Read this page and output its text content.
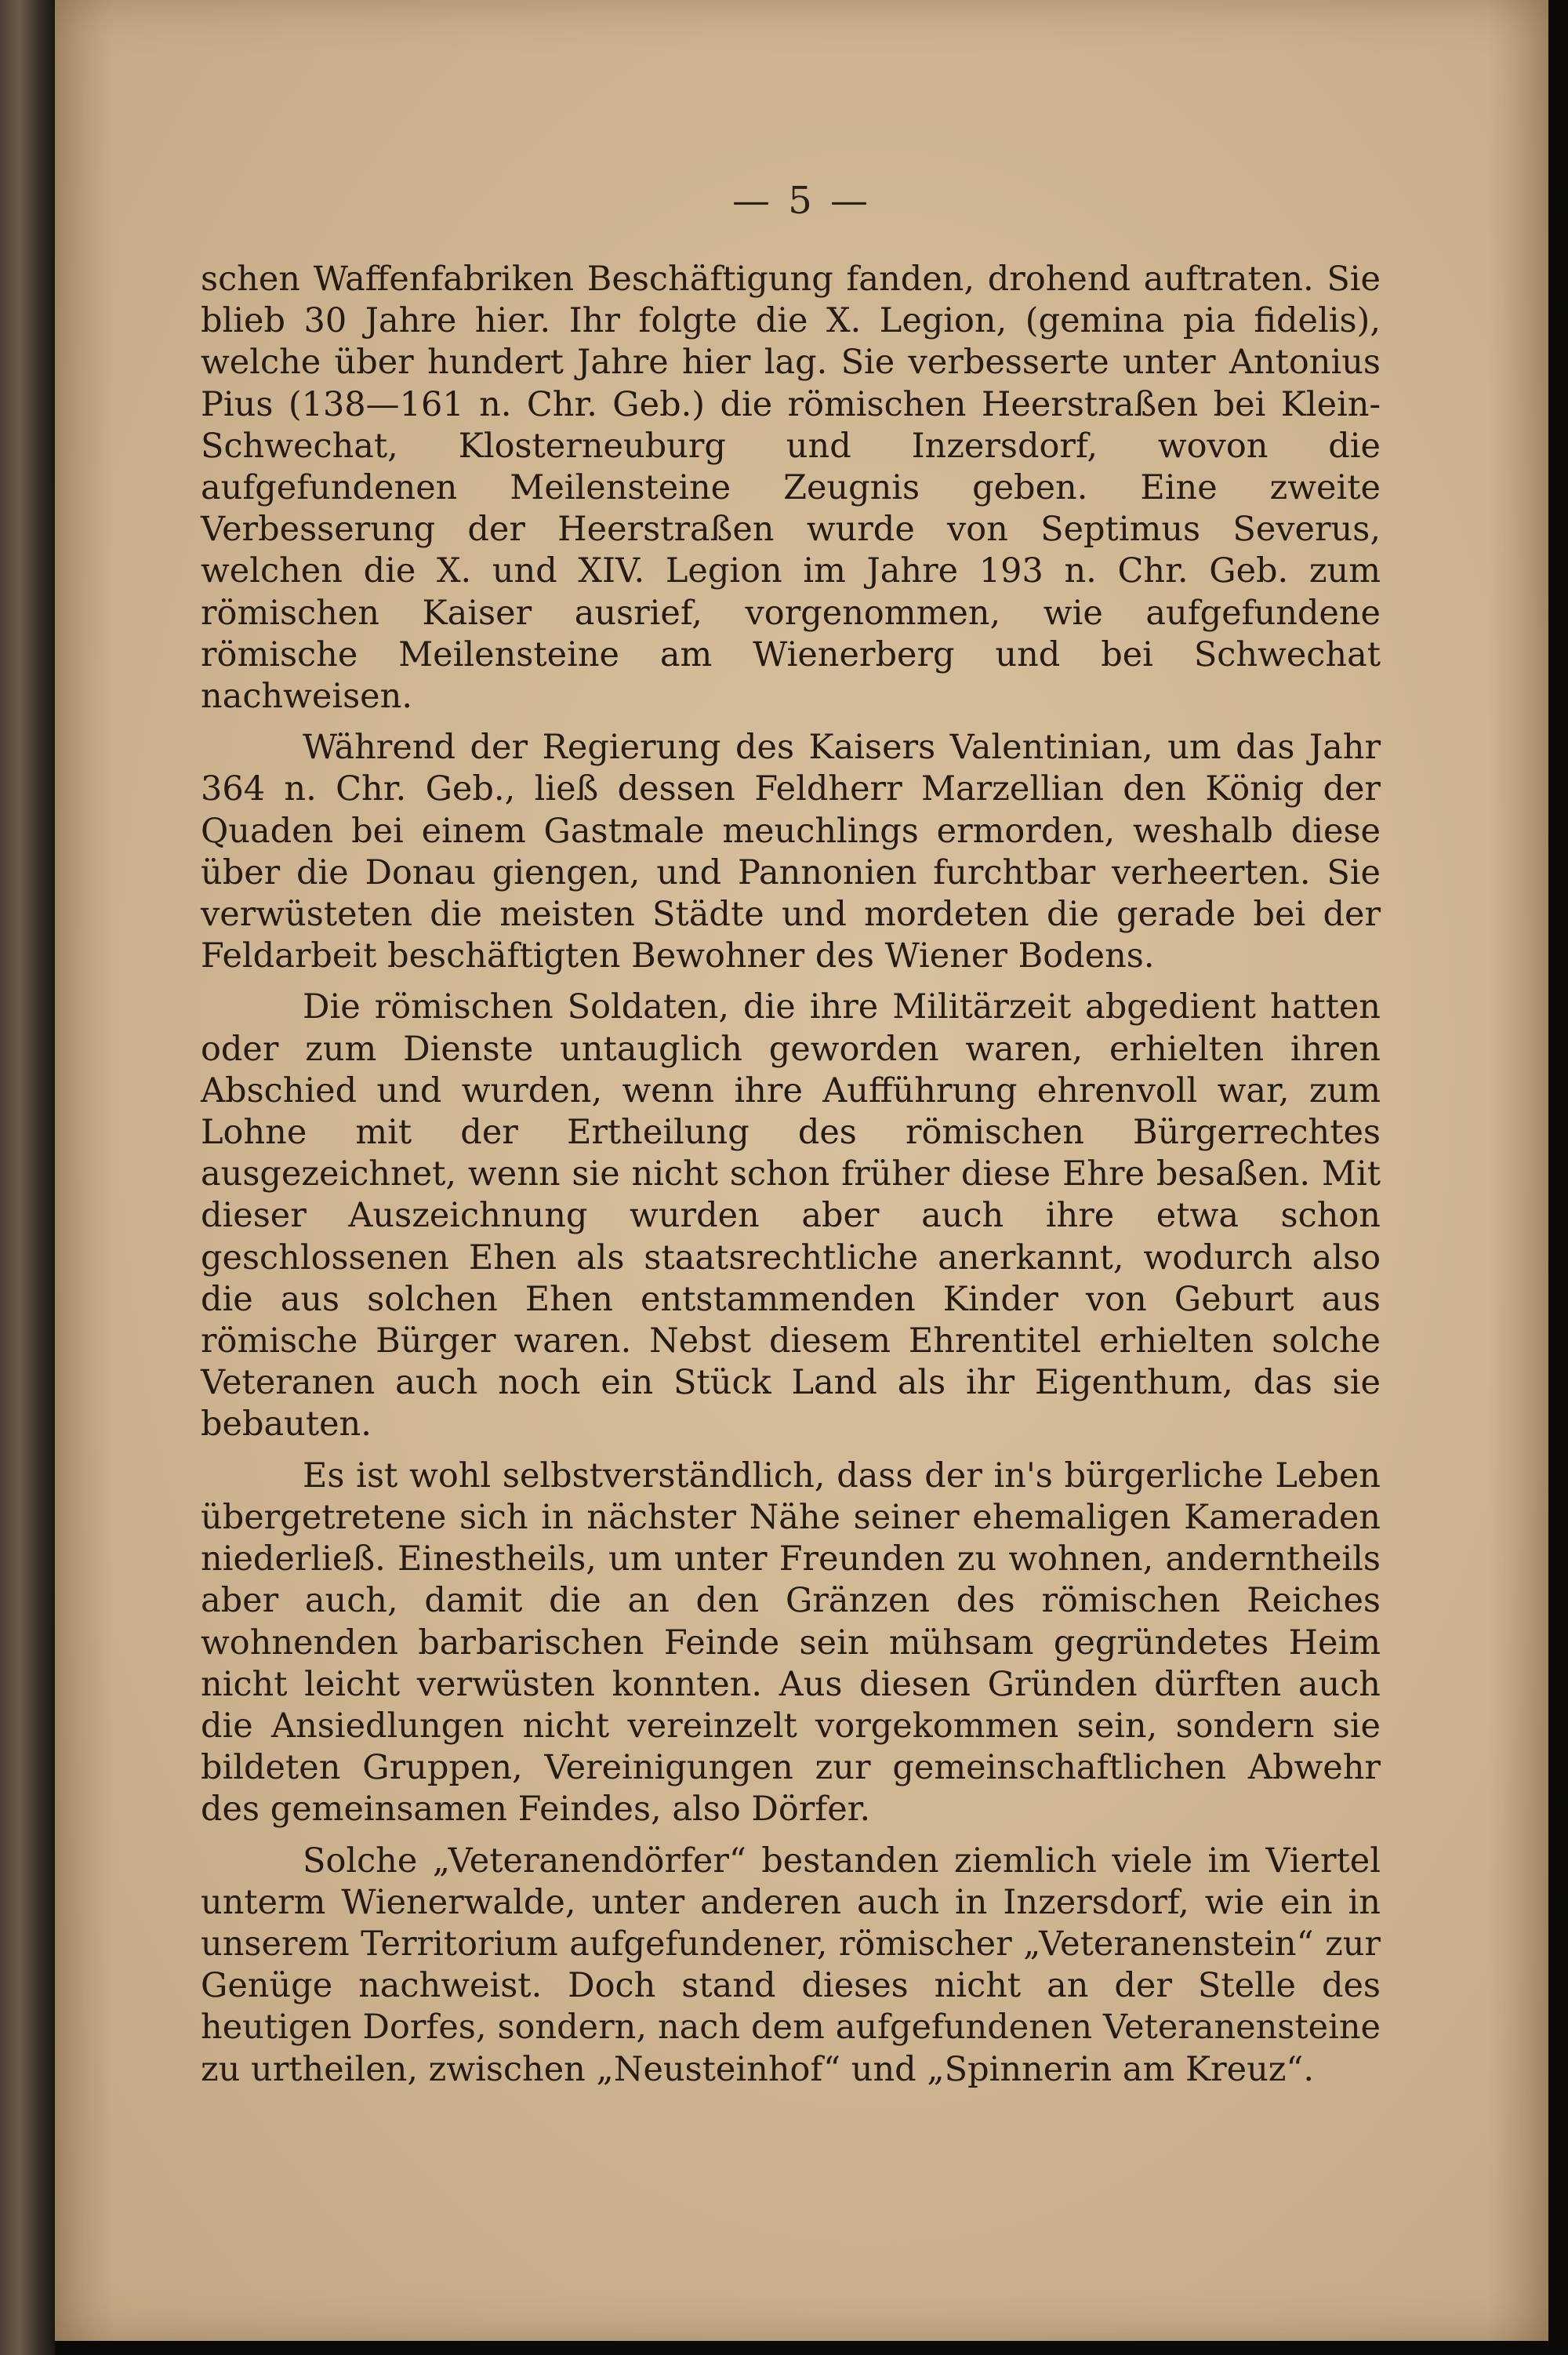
— 5 —

schen Waffenfabriken Beschäftigung fanden, drohend auftraten. Sie blieb 30 Jahre hier. Ihr folgte die X. Legion, (gemina pia fidelis), welche über hundert Jahre hier lag. Sie verbesserte unter Antonius Pius (138—161 n. Chr. Geb.) die römischen Heerstraßen bei Klein-Schwechat, Klosterneuburg und Inzersdorf, wovon die aufgefundenen Meilensteine Zeugnis geben. Eine zweite Verbesserung der Heerstraßen wurde von Septimus Severus, welchen die X. und XIV. Legion im Jahre 193 n. Chr. Geb. zum römischen Kaiser ausrief, vorgenommen, wie aufgefundene römische Meilensteine am Wienerberg und bei Schwechat nachweisen.

Während der Regierung des Kaisers Valentinian, um das Jahr 364 n. Chr. Geb., ließ dessen Feldherr Marzellian den König der Quaden bei einem Gastmale meuchlings ermorden, weshalb diese über die Donau giengen, und Pannonien furchtbar verheerten. Sie verwüsteten die meisten Städte und mordeten die gerade bei der Feldarbeit beschäftigten Bewohner des Wiener Bodens.

Die römischen Soldaten, die ihre Militärzeit abgedient hatten oder zum Dienste untauglich geworden waren, erhielten ihren Abschied und wurden, wenn ihre Aufführung ehrenvoll war, zum Lohne mit der Ertheilung des römischen Bürgerrechtes ausgezeichnet, wenn sie nicht schon früher diese Ehre besaßen. Mit dieser Auszeichnung wurden aber auch ihre etwa schon geschlossenen Ehen als staatsrechtliche anerkannt, wodurch also die aus solchen Ehen entstammenden Kinder von Geburt aus römische Bürger waren. Nebst diesem Ehrentitel erhielten solche Veteranen auch noch ein Stück Land als ihr Eigenthum, das sie bebauten.

Es ist wohl selbstverständlich, dass der in's bürgerliche Leben übergetretene sich in nächster Nähe seiner ehemaligen Kameraden niederließ. Einestheils, um unter Freunden zu wohnen, anderntheils aber auch, damit die an den Gränzen des römischen Reiches wohnenden barbarischen Feinde sein mühsam gegründetes Heim nicht leicht verwüsten konnten. Aus diesen Gründen dürften auch die Ansiedlungen nicht vereinzelt vorgekommen sein, sondern sie bildeten Gruppen, Vereinigungen zur gemeinschaftlichen Abwehr des gemeinsamen Feindes, also Dörfer.

Solche „Veteranendörfer“ bestanden ziemlich viele im Viertel unterm Wienerwalde, unter anderen auch in Inzersdorf, wie ein in unserem Territorium aufgefundener, römischer „Veteranenstein“ zur Genüge nachweist. Doch stand dieses nicht an der Stelle des heutigen Dorfes, sondern, nach dem aufgefundenen Veteranensteine zu urtheilen, zwischen „Neusteinhof“ und „Spinnerin am Kreuz“.
